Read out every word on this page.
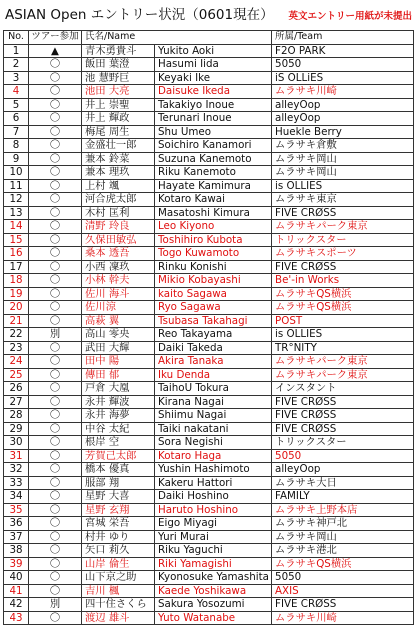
ASIAN Open エントリー状況（0601現在） 英文エントリー用紙が未提出
No.	ツアー参加	氏名/Name		所属/Team
1	▲	青木勇貴斗	Yukito Aoki	F2O PARK
2	〇	飯田 葉澄	Hasumi Iida	5050
3	〇	池 慧野巨	Keyaki Ike	iS OLLiES
4	〇	池田 大亮	Daisuke Ikeda	ムラサキ川崎
5	〇	井上 崇聖	Takakiyo Inoue	alleyOop
6	〇	井上 輝政	Terunari Inoue	alleyOop
7	〇	梅尾 周生	Shu Umeo	Huekle Berry
8	〇	金盛壮一郎	Soichiro Kanamori	ムラサキ倉敷
9	〇	兼本 鈴菜	Suzuna Kanemoto	ムラサキ岡山
10	〇	兼本 理玖	Riku Kanemoto	ムラサキ岡山
11	〇	上村 颯	Hayate Kamimura	is OLLIES
12	〇	河合虎太郎	Kotaro Kawai	ムラサキ東京
13	〇	木村 匡利	Masatoshi Kimura	FIVE CRØSS
14	〇	清野 玲良	Leo Kiyono	ムラサキパーク東京
15	〇	久保田敏弘	Toshihiro Kubota	トリックスター
16	〇	桑本 透吾	Togo Kuwamoto	ムラサキスポーツ
17	〇	小西 凜玖	Rinku Konishi	FIVE CRØSS
18	〇	小林 幹夫	Mikio Kobayashi	Be'-in Works
19	〇	佐川 海斗	kaito Sagawa	ムラサキQS横浜
20	〇	佐川涼	Ryo Sagawa	ムラサキQS横浜
21	〇	高萩 翼	Tsubasa Takahagi	POST
22	別	高山 零央	Reo Takayama	is OLLIES
23	〇	武田 大輝	Daiki Takeda	TR°NITY
24	〇	田中 陽	Akira Tanaka	ムラサキパーク東京
25	〇	傳田 郁	Iku Denda	ムラサキパーク東京
26	〇	戸倉 大凰	TaihoU Tokura	インスタント
27	〇	永井 輝波	Kirana Nagai	FIVE CRØSS
28	〇	永井 海夢	Shiimu Nagai	FIVE CRØSS
29	〇	中谷 太紀	Taiki nakatani	FIVE CRØSS
30	〇	根岸 空	Sora Negishi	トリックスター
31	〇	芳賀己太郎	Kotaro Haga	5050
32	〇	橋本 優真	Yushin Hashimoto	alleyOop
33	〇	服部 翔	Kakeru Hattori	ムラサキ大日
34	〇	星野 大喜	Daiki Hoshino	FAMILY
35	〇	星野 玄翔	Haruto Hoshino	ムラサキ上野本店
36	〇	宮城 栄吾	Eigo Miyagi	ムラサキ神戸北
37	〇	村井 ゆり	Yuri Murai	ムラサキ岡山
38	〇	矢口 莉久	Riku Yaguchi	ムラサキ港北
39	〇	山岸 倫生	Riki Yamagishi	ムラサキQS横浜
40	〇	山下京之助	Kyonosuke Yamashita	5050
41	〇	吉川 楓	Kaede Yoshikawa	AXIS
42	別	四十住さくら	Sakura Yosozumi	FIVE CRØSS
43	〇	渡辺 雄斗	Yuto Watanabe	ムラサキ川崎
